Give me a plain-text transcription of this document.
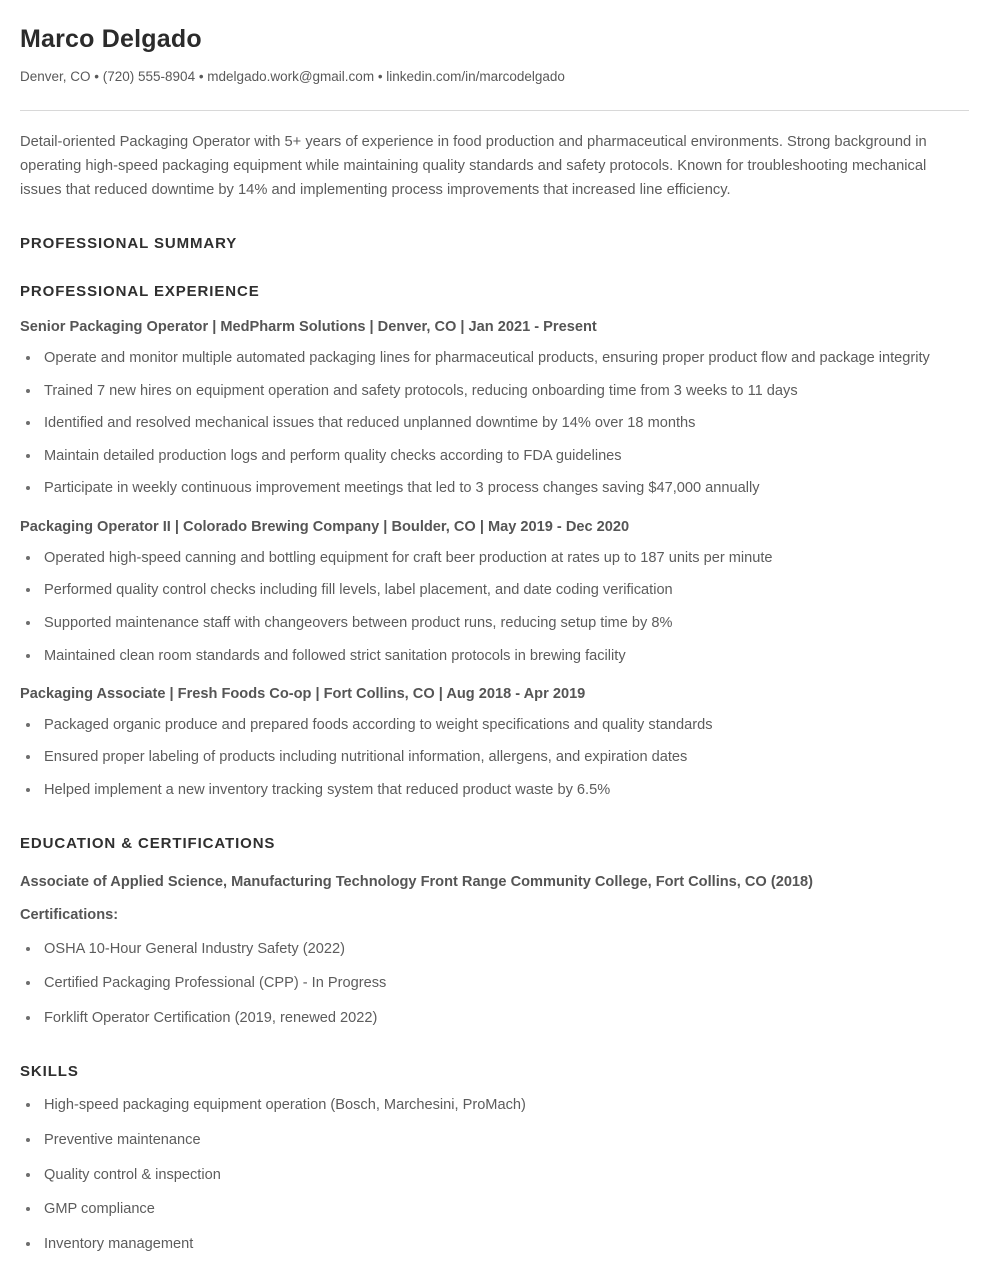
Marco Delgado
Denver, CO • (720) 555-8904 • mdelgado.work@gmail.com • linkedin.com/in/marcodelgado

Detail-oriented Packaging Operator with 5+ years of experience in food production and pharmaceutical environments. Strong background in operating high-speed packaging equipment while maintaining quality standards and safety protocols. Known for troubleshooting mechanical issues that reduced downtime by 14% and implementing process improvements that increased line efficiency.

PROFESSIONAL SUMMARY
PROFESSIONAL EXPERIENCE
Senior Packaging Operator | MedPharm Solutions | Denver, CO | Jan 2021 - Present
Operate and monitor multiple automated packaging lines for pharmaceutical products, ensuring proper product flow and package integrity
Trained 7 new hires on equipment operation and safety protocols, reducing onboarding time from 3 weeks to 11 days
Identified and resolved mechanical issues that reduced unplanned downtime by 14% over 18 months
Maintain detailed production logs and perform quality checks according to FDA guidelines
Participate in weekly continuous improvement meetings that led to 3 process changes saving $47,000 annually
Packaging Operator II | Colorado Brewing Company | Boulder, CO | May 2019 - Dec 2020
Operated high-speed canning and bottling equipment for craft beer production at rates up to 187 units per minute
Performed quality control checks including fill levels, label placement, and date coding verification
Supported maintenance staff with changeovers between product runs, reducing setup time by 8%
Maintained clean room standards and followed strict sanitation protocols in brewing facility
Packaging Associate | Fresh Foods Co-op | Fort Collins, CO | Aug 2018 - Apr 2019
Packaged organic produce and prepared foods according to weight specifications and quality standards
Ensured proper labeling of products including nutritional information, allergens, and expiration dates
Helped implement a new inventory tracking system that reduced product waste by 6.5%
EDUCATION & CERTIFICATIONS
Associate of Applied Science, Manufacturing Technology Front Range Community College, Fort Collins, CO (2018)
Certifications:
OSHA 10-Hour General Industry Safety (2022)
Certified Packaging Professional (CPP) - In Progress
Forklift Operator Certification (2019, renewed 2022)
SKILLS
High-speed packaging equipment operation (Bosch, Marchesini, ProMach)
Preventive maintenance
Quality control & inspection
GMP compliance
Inventory management
